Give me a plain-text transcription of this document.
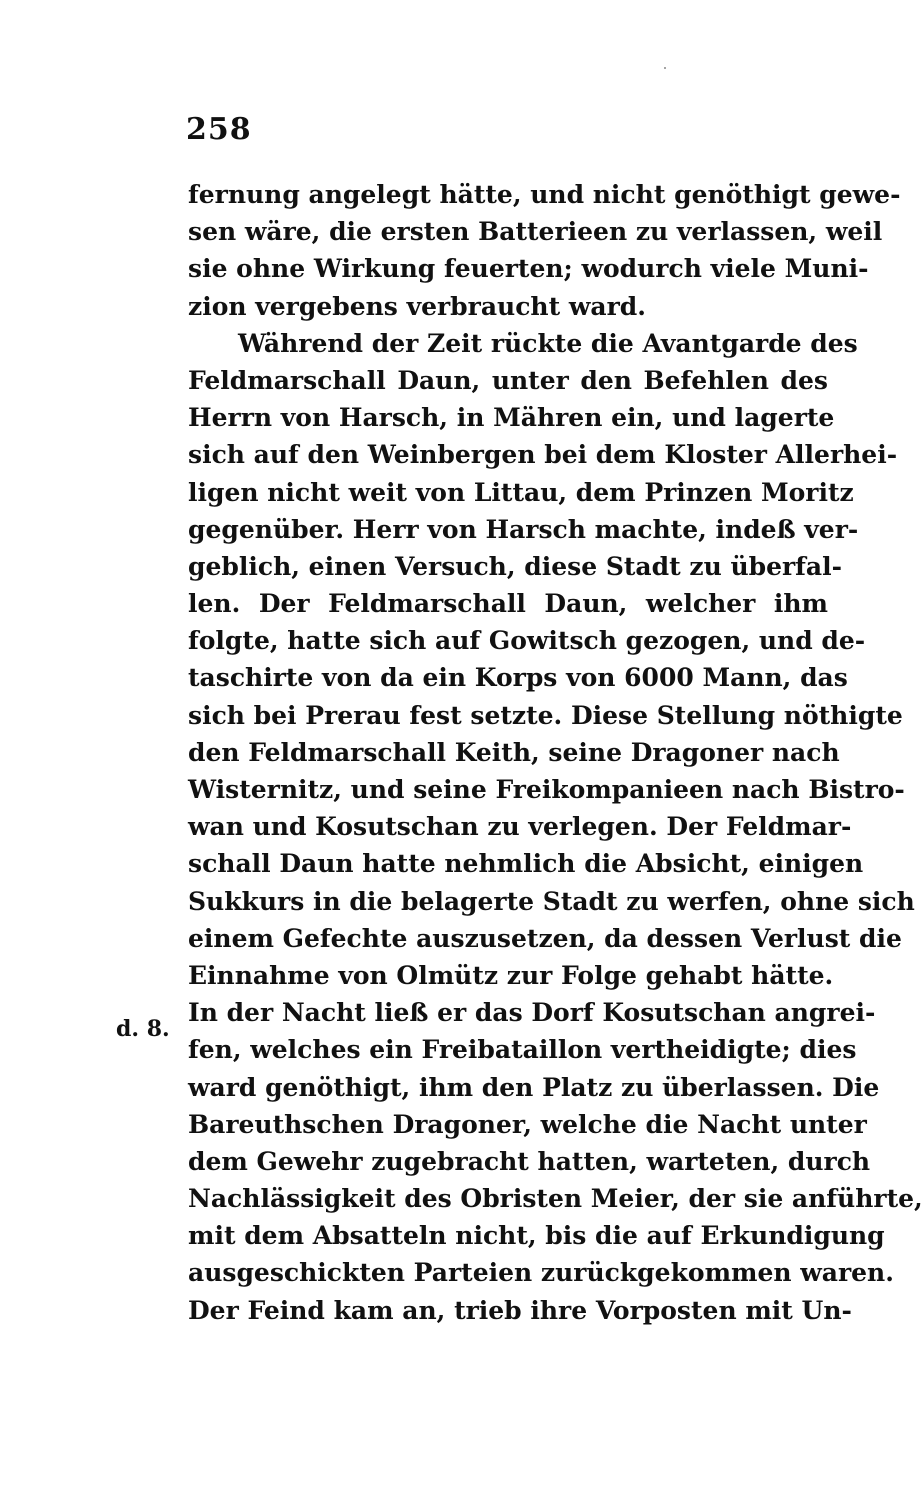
258
d. 8.
fernung angelegt hätte, und nicht genöthigt gewe-
sen wäre, die ersten Batterieen zu verlassen, weil
sie ohne Wirkung feuerten; wodurch viele Muni-
zion vergebens verbraucht ward.
Während der Zeit rückte die Avantgarde des
Feldmarschall Daun, unter den Befehlen des
Herrn von Harsch, in Mähren ein, und lagerte
sich auf den Weinbergen bei dem Kloster Allerhei-
ligen nicht weit von Littau, dem Prinzen Moritz
gegenüber. Herr von Harsch machte, indeß ver-
geblich, einen Versuch, diese Stadt zu überfal-
len. Der Feldmarschall Daun, welcher ihm
folgte, hatte sich auf Gowitsch gezogen, und de-
taschirte von da ein Korps von 6000 Mann, das
sich bei Prerau fest setzte. Diese Stellung nöthigte
den Feldmarschall Keith, seine Dragoner nach
Wisternitz, und seine Freikompanieen nach Bistro-
wan und Kosutschan zu verlegen. Der Feldmar-
schall Daun hatte nehmlich die Absicht, einigen
Sukkurs in die belagerte Stadt zu werfen, ohne sich
einem Gefechte auszusetzen, da dessen Verlust die
Einnahme von Olmütz zur Folge gehabt hätte.
In der Nacht ließ er das Dorf Kosutschan angrei-
fen, welches ein Freibataillon vertheidigte; dies
ward genöthigt, ihm den Platz zu überlassen. Die
Bareuthschen Dragoner, welche die Nacht unter
dem Gewehr zugebracht hatten, warteten, durch
Nachlässigkeit des Obristen Meier, der sie anführte,
mit dem Absatteln nicht, bis die auf Erkundigung
ausgeschickten Parteien zurückgekommen waren.
Der Feind kam an, trieb ihre Vorposten mit Un-
